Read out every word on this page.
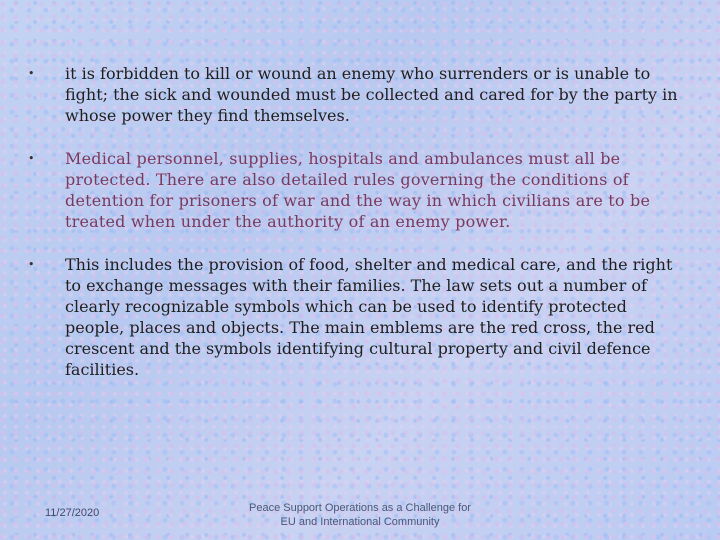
• it is forbidden to kill or wound an enemy who surrenders or is unable to fight; the sick and wounded must be collected and cared for by the party in whose power they find themselves.
• Medical personnel, supplies, hospitals and ambulances must all be protected. There are also detailed rules governing the conditions of detention for prisoners of war and the way in which civilians are to be treated when under the authority of an enemy power.
• This includes the provision of food, shelter and medical care, and the right to exchange messages with their families. The law sets out a number of clearly recognizable symbols which can be used to identify protected people, places and objects. The main emblems are the red cross, the red crescent and the symbols identifying cultural property and civil defence facilities.
11/27/2020	Peace Support Operations as a Challenge for EU and International Community
